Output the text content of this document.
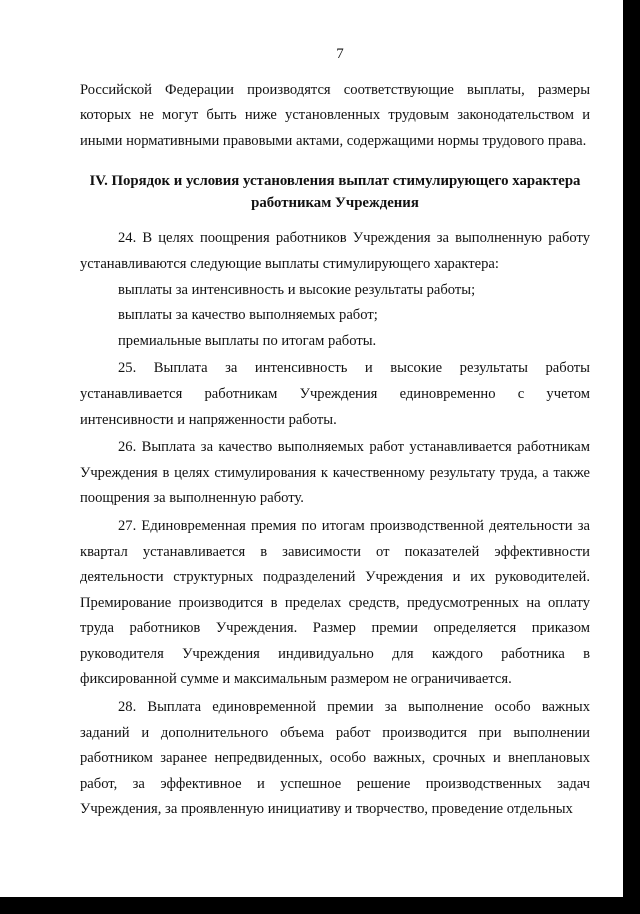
7

Российской Федерации производятся соответствующие выплаты, размеры которых не могут быть ниже установленных трудовым законодательством и иными нормативными правовыми актами, содержащими нормы трудового права.

IV. Порядок и условия установления выплат стимулирующего характера
работникам Учреждения

24. В целях поощрения работников Учреждения за выполненную работу устанавливаются следующие выплаты стимулирующего характера:

выплаты за интенсивность и высокие результаты работы;

выплаты за качество выполняемых работ;

премиальные выплаты по итогам работы.

25. Выплата за интенсивность и высокие результаты работы устанавливается работникам Учреждения единовременно с учетом интенсивности и напряженности работы.

26. Выплата за качество выполняемых работ устанавливается работникам Учреждения в целях стимулирования к качественному результату труда, а также поощрения за выполненную работу.

27. Единовременная премия по итогам производственной деятельности за квартал устанавливается в зависимости от показателей эффективности деятельности структурных подразделений Учреждения и их руководителей. Премирование производится в пределах средств, предусмотренных на оплату труда работников Учреждения. Размер премии определяется приказом руководителя Учреждения индивидуально для каждого работника в фиксированной сумме и максимальным размером не ограничивается.

28. Выплата единовременной премии за выполнение особо важных заданий и дополнительного объема работ производится при выполнении работником заранее непредвиденных, особо важных, срочных и внеплановых работ, за эффективное и успешное решение производственных задач Учреждения, за проявленную инициативу и творчество, проведение отдельных
